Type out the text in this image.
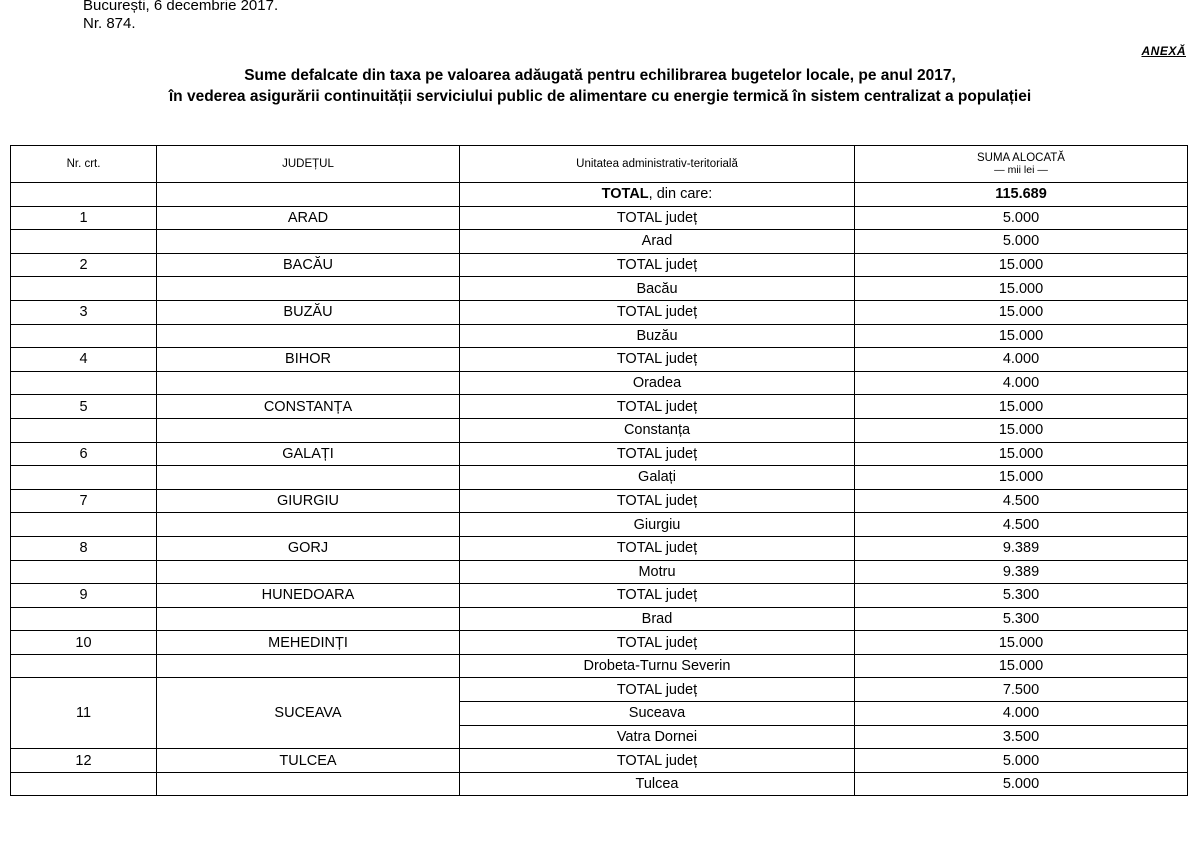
București, 6 decembrie 2017.
Nr. 874.
ANEXĂ
Sume defalcate din taxa pe valoarea adăugată pentru echilibrarea bugetelor locale, pe anul 2017,
în vederea asigurării continuității serviciului public de alimentare cu energie termică în sistem centralizat a populației
Nr. crt.	JUDEȚUL	Unitatea administrativ-teritorială	SUMA ALOCATĂ
— mii lei —

		TOTAL, din care:	115.689
1	ARAD	TOTAL județ	5.000
		Arad	5.000
2	BACĂU	TOTAL județ	15.000
		Bacău	15.000
3	BUZĂU	TOTAL județ	15.000
		Buzău	15.000
4	BIHOR	TOTAL județ	4.000
		Oradea	4.000
5	CONSTANȚA	TOTAL județ	15.000
		Constanța	15.000
6	GALAȚI	TOTAL județ	15.000
		Galați	15.000
7	GIURGIU	TOTAL județ	4.500
		Giurgiu	4.500
8	GORJ	TOTAL județ	9.389
		Motru	9.389
9	HUNEDOARA	TOTAL județ	5.300
		Brad	5.300
10	MEHEDINȚI	TOTAL județ	15.000
		Drobeta-Turnu Severin	15.000
11	SUCEAVA	TOTAL județ	7.500
		Suceava	4.000
		Vatra Dornei	3.500
12	TULCEA	TOTAL județ	5.000
		Tulcea	5.000
